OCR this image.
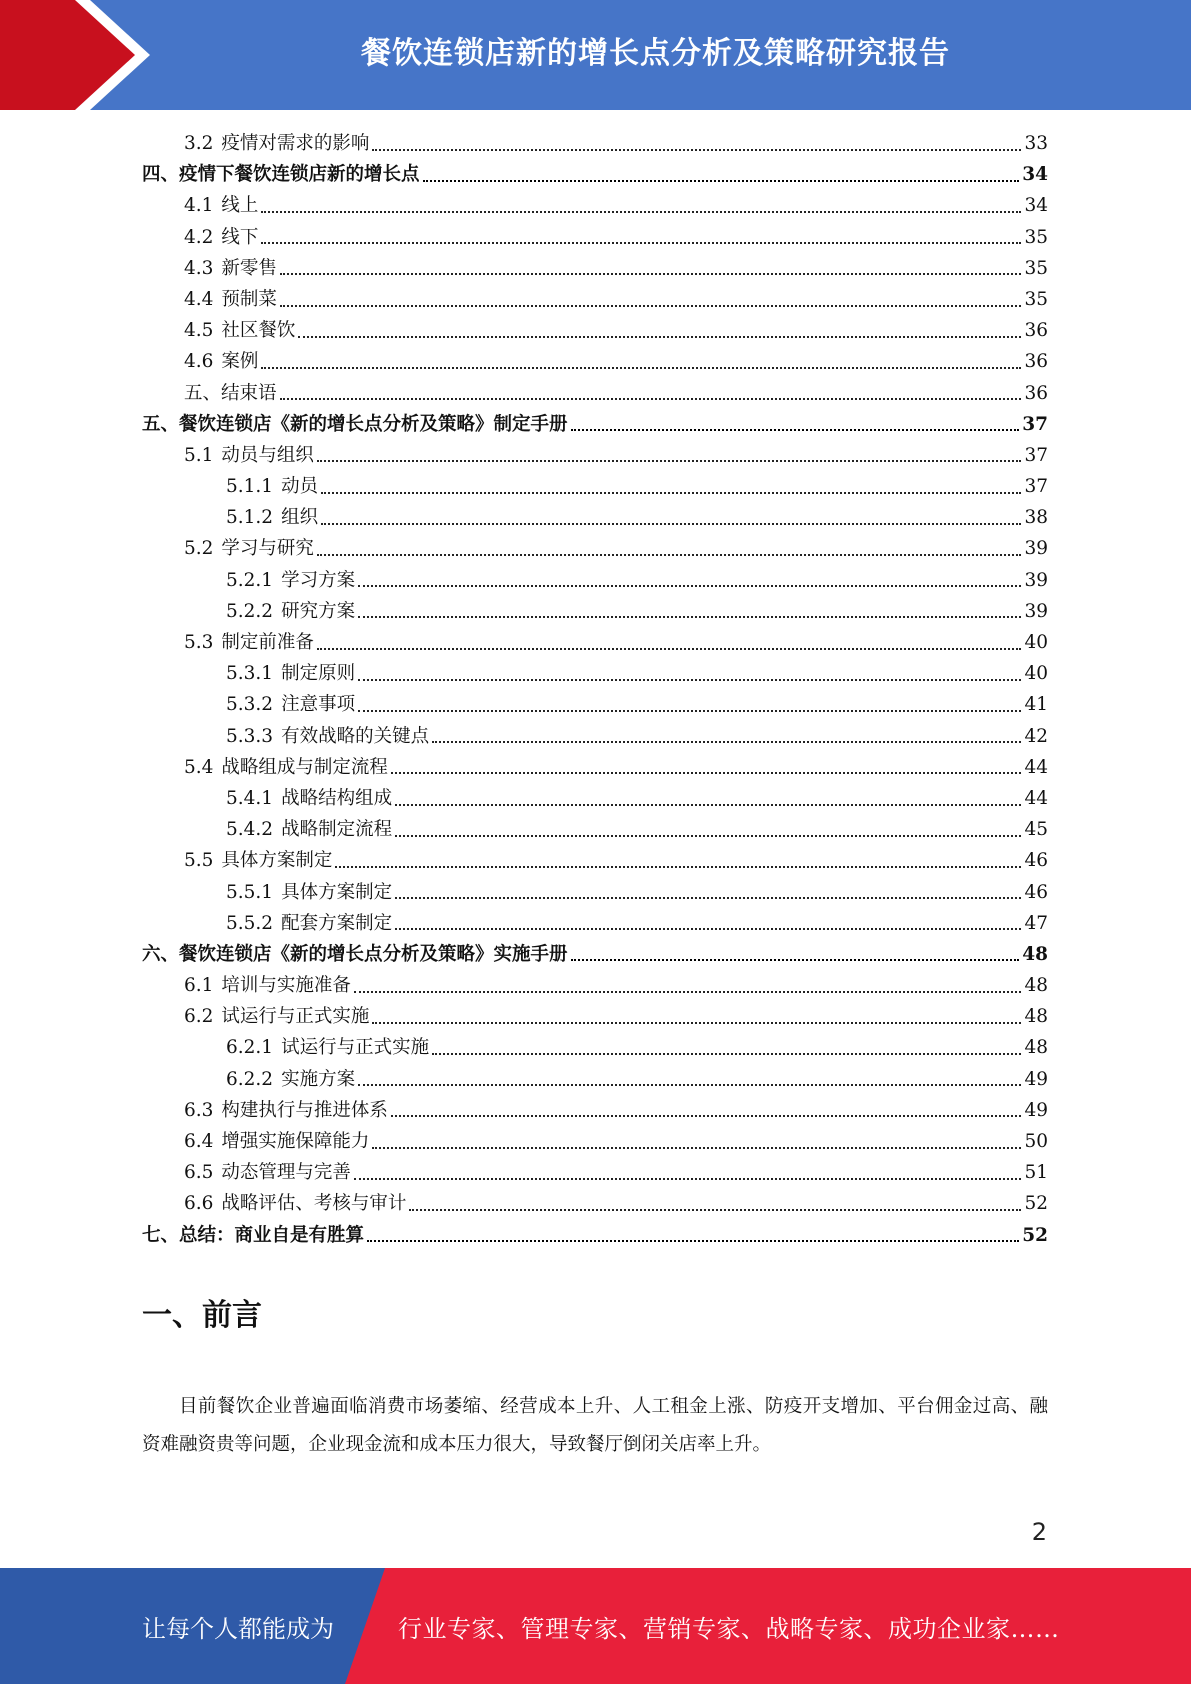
餐饮连锁店新的增长点分析及策略研究报告
3.2 疫情对需求的影响	33
四、疫情下餐饮连锁店新的增长点	34
4.1 线上	34
4.2 线下	35
4.3 新零售	35
4.4 预制菜	35
4.5 社区餐饮	36
4.6 案例	36
五、结束语	36
五、餐饮连锁店《新的增长点分析及策略》制定手册	37
5.1 动员与组织	37
5.1.1 动员	37
5.1.2 组织	38
5.2 学习与研究	39
5.2.1 学习方案	39
5.2.2 研究方案	39
5.3 制定前准备	40
5.3.1 制定原则	40
5.3.2 注意事项	41
5.3.3 有效战略的关键点	42
5.4 战略组成与制定流程	44
5.4.1 战略结构组成	44
5.4.2 战略制定流程	45
5.5 具体方案制定	46
5.5.1 具体方案制定	46
5.5.2 配套方案制定	47
六、餐饮连锁店《新的增长点分析及策略》实施手册	48
6.1 培训与实施准备	48
6.2 试运行与正式实施	48
6.2.1 试运行与正式实施	48
6.2.2 实施方案	49
6.3 构建执行与推进体系	49
6.4 增强实施保障能力	50
6.5 动态管理与完善	51
6.6 战略评估、考核与审计	52
七、总结：商业自是有胜算	52
一、前言
目前餐饮企业普遍面临消费市场萎缩、经营成本上升、人工租金上涨、防疫开支增加、平台佣金过高、融资难融资贵等问题，企业现金流和成本压力很大，导致餐厅倒闭关店率上升。
2
让每个人都能成为	行业专家、管理专家、营销专家、战略专家、成功企业家……
